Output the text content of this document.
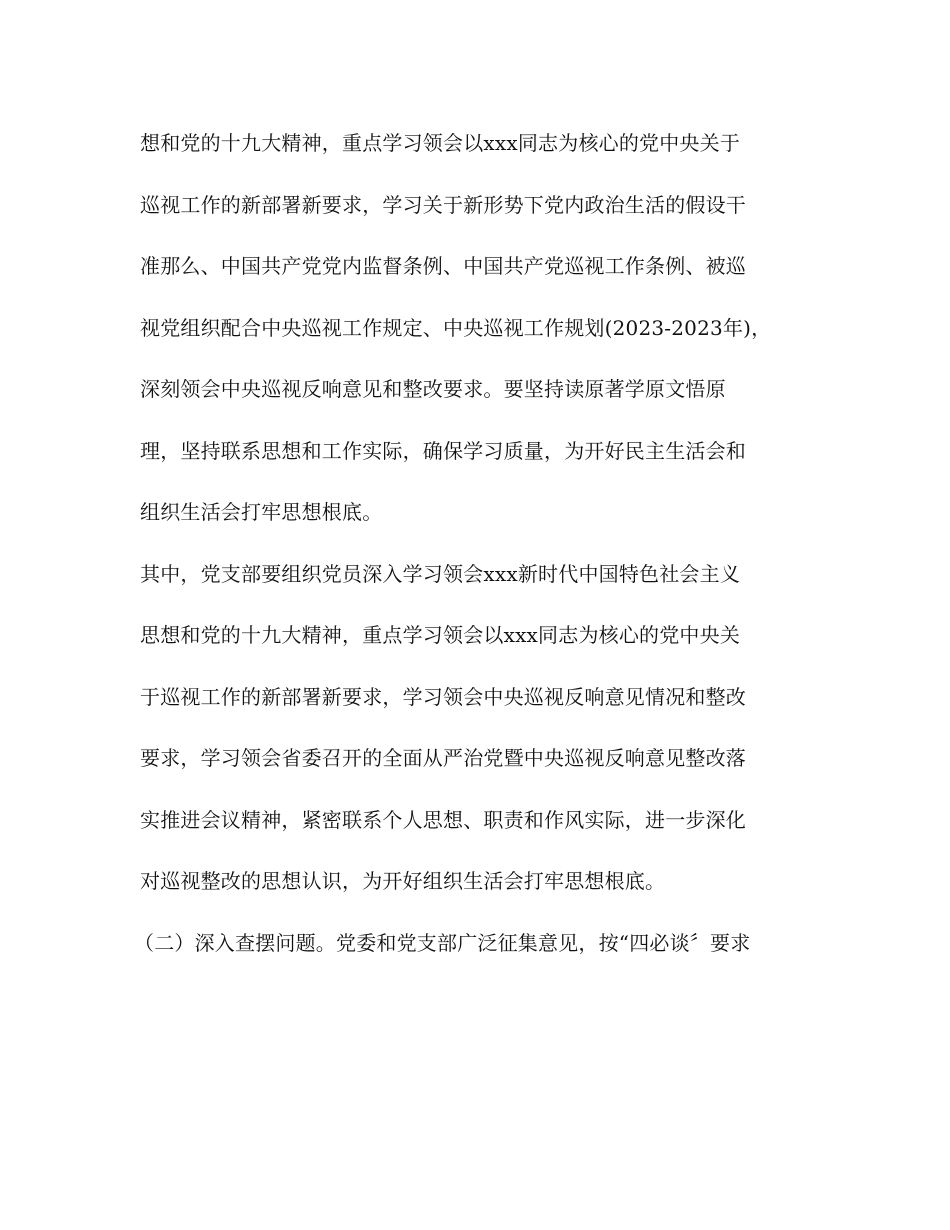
想和党的十九大精神，重点学习领会以xxx同志为核心的党中央关于
巡视工作的新部署新要求，学习关于新形势下党内政治生活的假设干
准那么、中国共产党党内监督条例、中国共产党巡视工作条例、被巡
视党组织配合中央巡视工作规定、中央巡视工作规划(2023-2023年)，
深刻领会中央巡视反响意见和整改要求。要坚持读原著学原文悟原
理，坚持联系思想和工作实际，确保学习质量，为开好民主生活会和
组织生活会打牢思想根底。
其中，党支部要组织党员深入学习领会xxx新时代中国特色社会主义
思想和党的十九大精神，重点学习领会以xxx同志为核心的党中央关
于巡视工作的新部署新要求，学习领会中央巡视反响意见情况和整改
要求，学习领会省委召开的全面从严治党暨中央巡视反响意见整改落
实推进会议精神，紧密联系个人思想、职责和作风实际，进一步深化
对巡视整改的思想认识，为开好组织生活会打牢思想根底。
（二）深入查摆问题。党委和党支部广泛征集意见，按“四必谈〞要求
